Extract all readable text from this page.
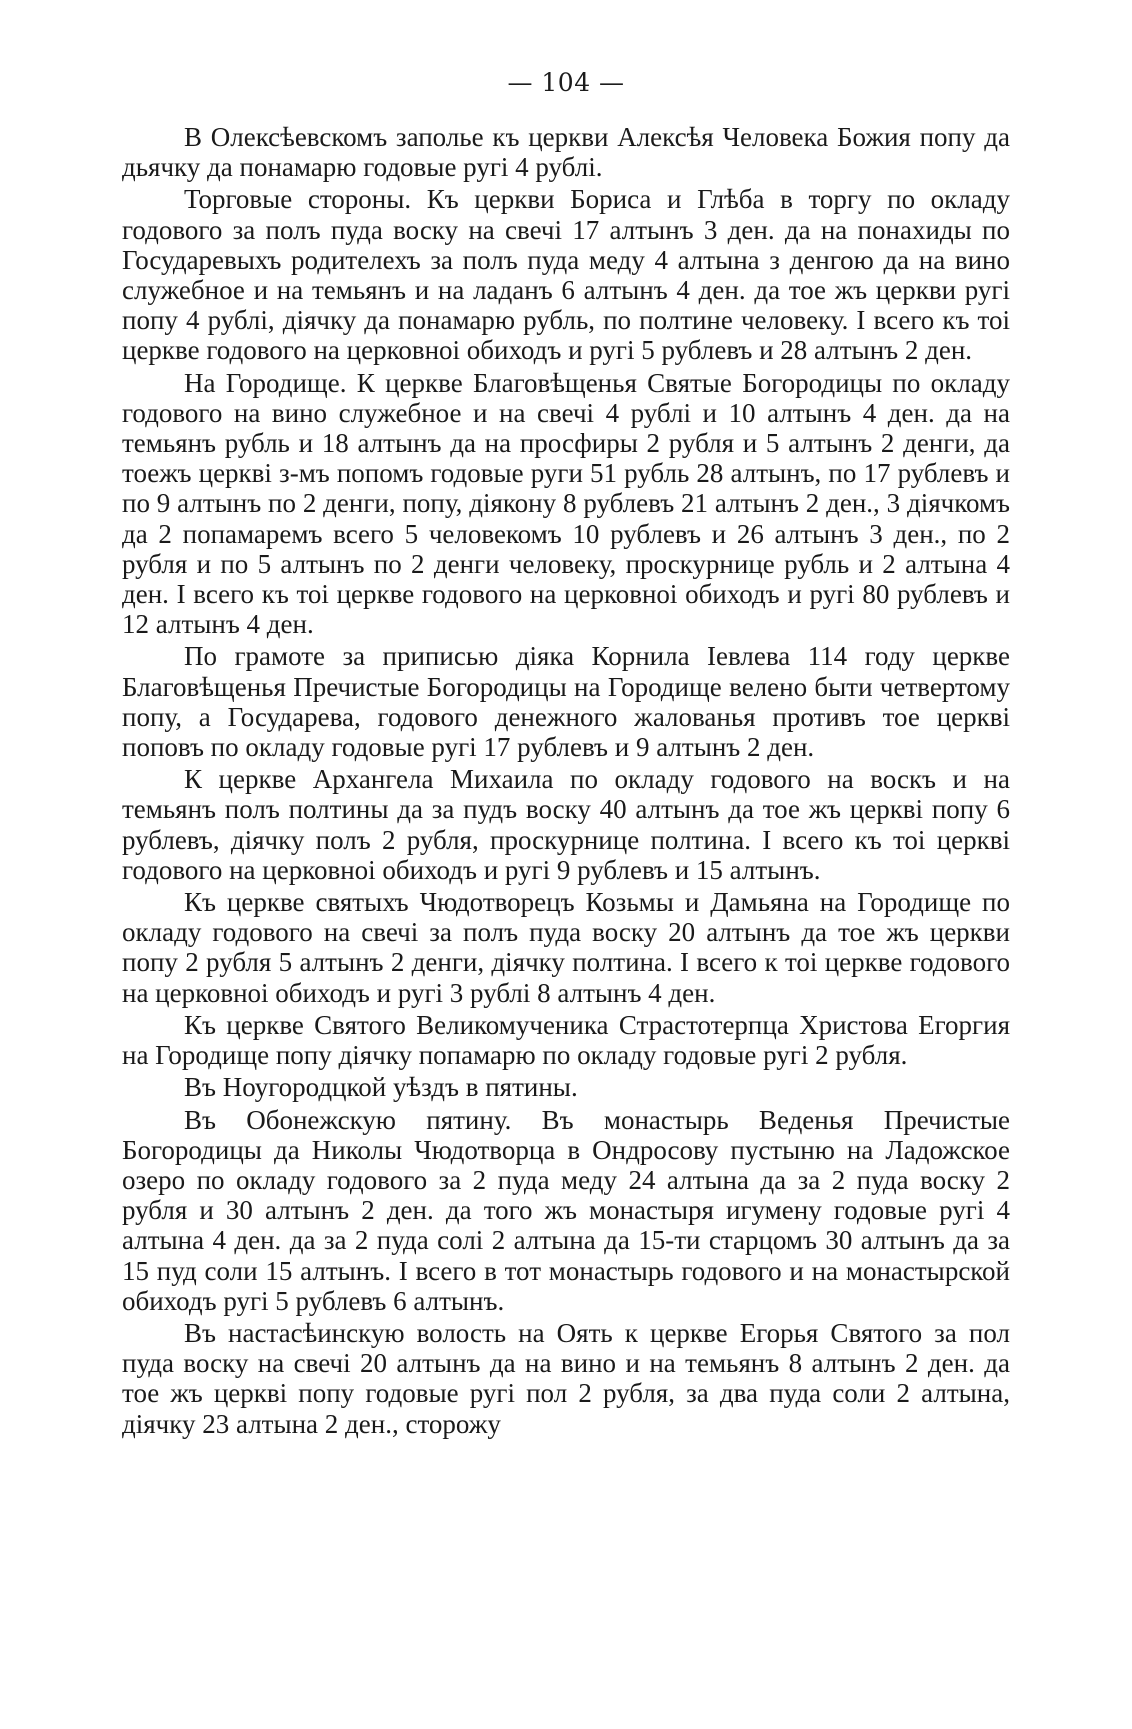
— 104 —

В Олексѣевскомъ заполье къ церкви Алексѣя Человека Божия попу да дьячку да понамарю годовые ругі 4 рублі.

Торговые стороны. Къ церкви Бориса и Глѣба в торгу по окладу годового за полъ пуда воску на свечі 17 алтынъ 3 ден. да на понахиды по Государевыхъ родителехъ за полъ пуда меду 4 алтына з денгою да на вино служебное и на темьянъ и на ладанъ 6 алтынъ 4 ден. да тое жъ церкви ругі попу 4 рублі, діячку да понамарю рубль, по полтине человеку. I всего къ тоі церкве годового на церковноі обиходъ и ругі 5 рублевъ и 28 алтынъ 2 ден.

На Городище. К церкве Благовѣщенья Святые Богородицы по окладу годового на вино служебное и на свечі 4 рублі и 10 алтынъ 4 ден. да на темьянъ рубль и 18 алтынъ да на просфиры 2 рубля и 5 алтынъ 2 денги, да тоежъ церкві з-мъ попомъ годовые руги 51 рубль 28 алтынъ, по 17 рублевъ и по 9 алтынъ по 2 денги, попу, діякону 8 рублевъ 21 алтынъ 2 ден., 3 діячкомъ да 2 попамаремъ всего 5 человекомъ 10 рублевъ и 26 алтынъ 3 ден., по 2 рубля и по 5 алтынъ по 2 денги человеку, проскурнице рубль и 2 алтына 4 ден. I всего къ тоі церкве годового на церковноі обиходъ и ругі 80 рублевъ и 12 алтынъ 4 ден.

По грамоте за приписью діяка Корнила Іевлева 114 году церкве Благовѣщенья Пречистые Богородицы на Городище велено быти четвертому попу, а Государева, годового денежного жалованья противъ тое церкві поповъ по окладу годовые ругі 17 рублевъ и 9 алтынъ 2 ден.

К церкве Архангела Михаила по окладу годового на воскъ и на темьянъ полъ полтины да за пудъ воску 40 алтынъ да тое жъ церкві попу 6 рублевъ, діячку полъ 2 рубля, проскурнице полтина. I всего къ тоі церкві годового на церковноі обиходъ и ругі 9 рублевъ и 15 алтынъ.

Къ церкве святыхъ Чюдотворецъ Козьмы и Дамьяна на Городище по окладу годового на свечі за полъ пуда воску 20 алтынъ да тое жъ церкви попу 2 рубля 5 алтынъ 2 денги, діячку полтина. I всего к тоі церкве годового на церковноі обиходъ и ругі 3 рублі 8 алтынъ 4 ден.

Къ церкве Святого Великомученика Страстотерпца Христова Егоргия на Городище попу діячку попамарю по окладу годовые ругі 2 рубля.

Въ Ноугородцкой уѣздъ в пятины.

Въ Обонежскую пятину. Въ монастырь Веденья Пречистые Богородицы да Николы Чюдотворца в Ондросову пустыню на Ладожское озеро по окладу годового за 2 пуда меду 24 алтына да за 2 пуда воску 2 рубля и 30 алтынъ 2 ден. да того жъ монастыря игумену годовые ругі 4 алтына 4 ден. да за 2 пуда солі 2 алтына да 15-ти старцомъ 30 алтынъ да за 15 пуд соли 15 алтынъ. I всего в тот монастырь годового и на монастырской обиходъ ругі 5 рублевъ 6 алтынъ.

Въ настасѣинскую волость на Оять к церкве Егорья Святого за пол пуда воску на свечі 20 алтынъ да на вино и на темьянъ 8 алтынъ 2 ден. да тое жъ церкві попу годовые ругі пол 2 рубля, за два пуда соли 2 алтына, діячку 23 алтына 2 ден., сторожу
